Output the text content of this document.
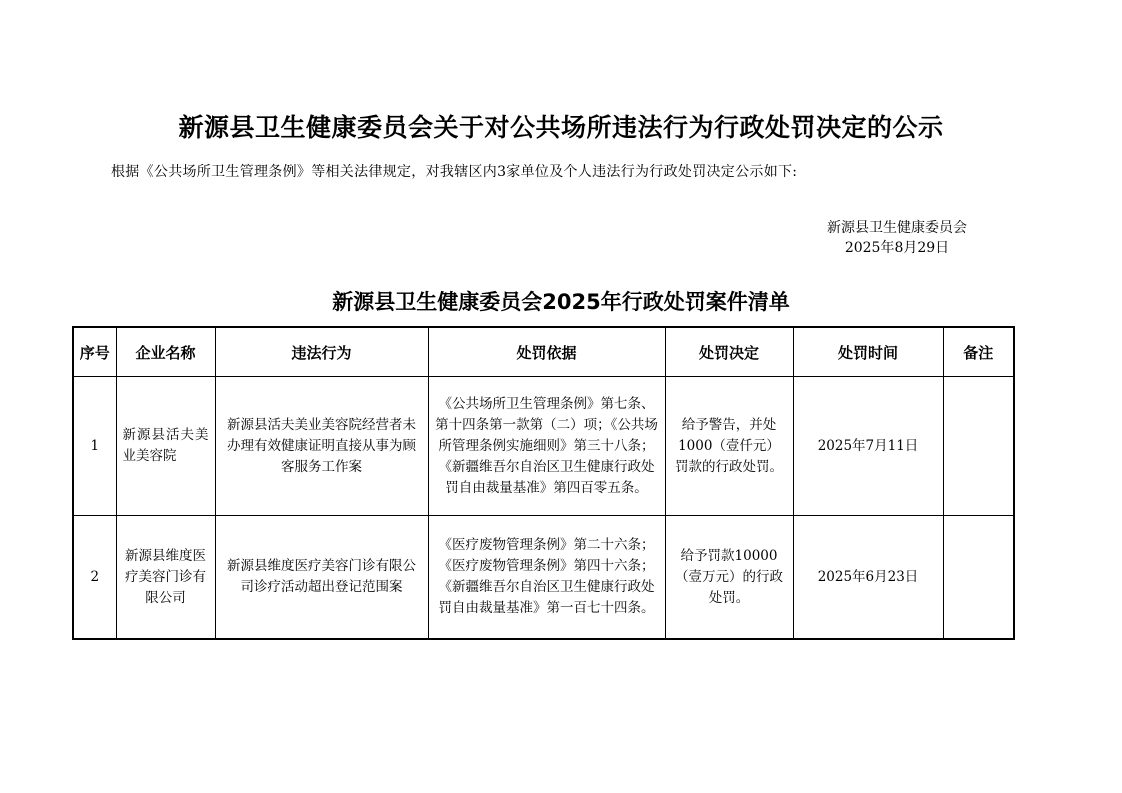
新源县卫生健康委员会关于对公共场所违法行为行政处罚决定的公示
根据《公共场所卫生管理条例》等相关法律规定，对我辖区内3家单位及个人违法行为行政处罚决定公示如下:
新源县卫生健康委员会
2025年8月29日
新源县卫生健康委员会2025年行政处罚案件清单
序号	企业名称	违法行为	处罚依据	处罚决定	处罚时间	备注
1	新源县活夫美业美容院	新源县活夫美业美容院经营者未办理有效健康证明直接从事为顾客服务工作案	《公共场所卫生管理条例》第七条、第十四条第一款第（二）项；《公共场所管理条例实施细则》第三十八条；《新疆维吾尔自治区卫生健康行政处罚自由裁量基准》第四百零五条。	给予警告，并处1000（壹仟元）罚款的行政处罚。	2025年7月11日	
2	新源县维度医疗美容门诊有限公司	新源县维度医疗美容门诊有限公司诊疗活动超出登记范围案	《医疗废物管理条例》第二十六条；《医疗废物管理条例》第四十六条；《新疆维吾尔自治区卫生健康行政处罚自由裁量基准》第一百七十四条。	给予罚款10000（壹万元）的行政处罚。	2025年6月23日	
